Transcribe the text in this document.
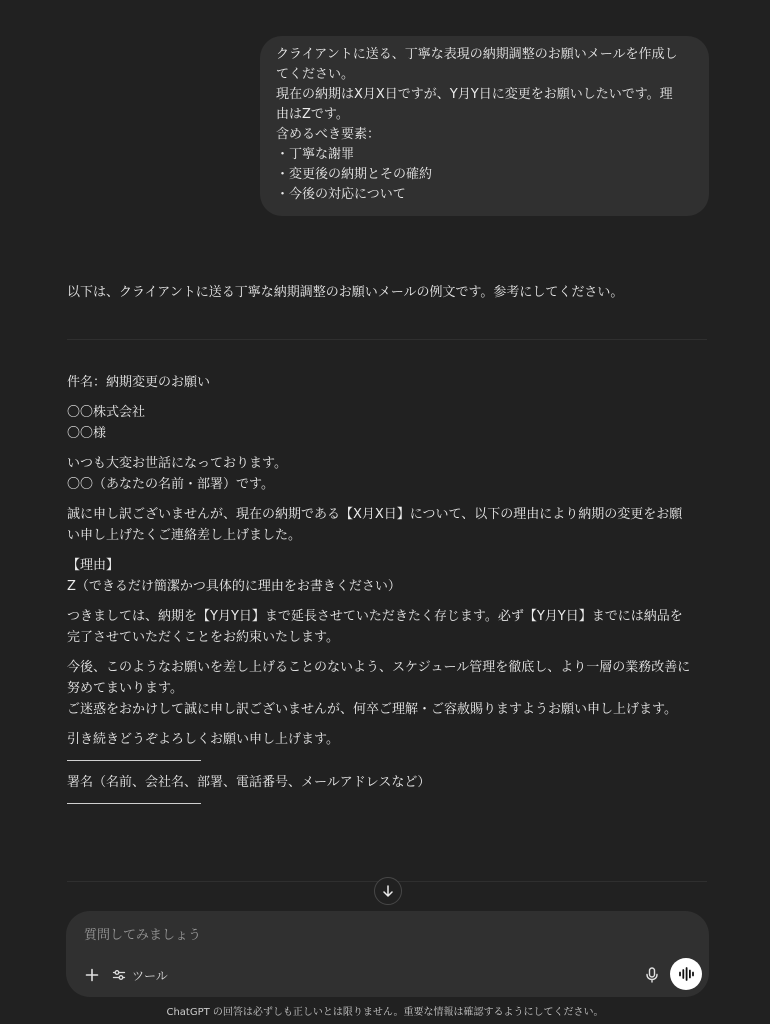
クライアントに送る、丁寧な表現の納期調整のお願いメールを作成し
てください。
現在の納期はX月X日ですが、Y月Y日に変更をお願いしたいです。理
由はZです。
含めるべき要素：
・丁寧な謝罪
・変更後の納期とその確約
・今後の対応について
以下は、クライアントに送る丁寧な納期調整のお願いメールの例文です。参考にしてください。
件名：納期変更のお願い
〇〇株式会社
〇〇様
いつも大変お世話になっております。
〇〇（あなたの名前・部署）です。
誠に申し訳ございませんが、現在の納期である【X月X日】について、以下の理由により納期の変更をお願
い申し上げたくご連絡差し上げました。
【理由】
Z（できるだけ簡潔かつ具体的に理由をお書きください）
つきましては、納期を【Y月Y日】まで延長させていただきたく存じます。必ず【Y月Y日】までには納品を
完了させていただくことをお約束いたします。
今後、このようなお願いを差し上げることのないよう、スケジュール管理を徹底し、より一層の業務改善に
努めてまいります。
ご迷惑をおかけして誠に申し訳ございませんが、何卒ご理解・ご容赦賜りますようお願い申し上げます。
引き続きどうぞよろしくお願い申し上げます。
署名（名前、会社名、部署、電話番号、メールアドレスなど）
質問してみましょう
ツール
ChatGPT の回答は必ずしも正しいとは限りません。重要な情報は確認するようにしてください。
